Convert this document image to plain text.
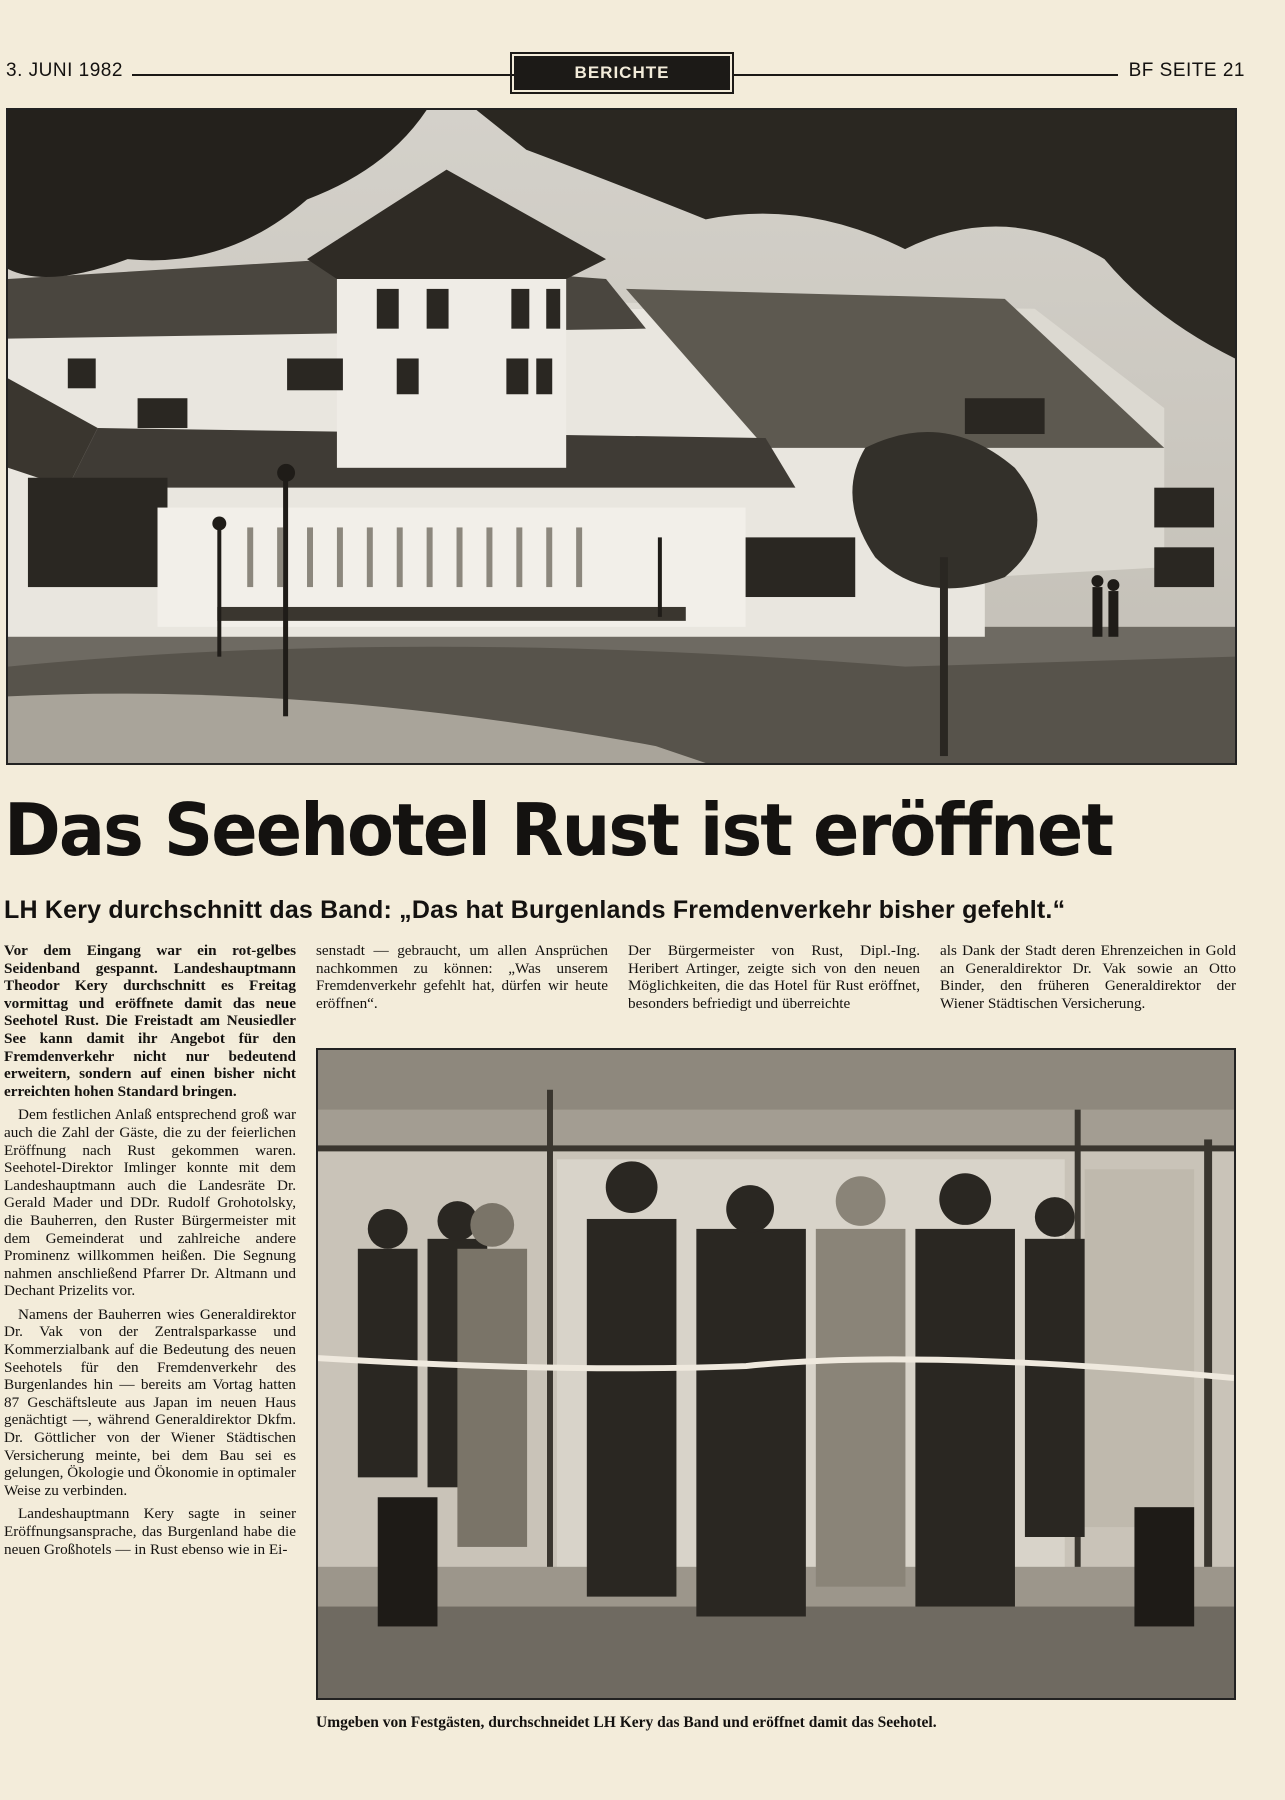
3. JUNI 1982	BERICHTE	BF SEITE 21
Das Seehotel Rust ist eröffnet
LH Kery durchschnitt das Band: „Das hat Burgenlands Fremdenverkehr bisher gefehlt.“

Vor dem Eingang war ein rot-gelbes Seidenband gespannt. Landeshauptmann Theodor Kery durchschnitt es Freitag vormittag und eröffnete damit das neue Seehotel Rust. Die Freistadt am Neusiedler See kann damit ihr Angebot für den Fremdenverkehr nicht nur bedeutend erweitern, sondern auf einen bisher nicht erreichten hohen Standard bringen.

Dem festlichen Anlaß entsprechend groß war auch die Zahl der Gäste, die zu der feierlichen Eröffnung nach Rust gekommen waren. Seehotel-Direktor Imlinger konnte mit dem Landeshauptmann auch die Landesräte Dr. Gerald Mader und DDr. Rudolf Grohotolsky, die Bauherren, den Ruster Bürgermeister mit dem Gemeinderat und zahlreiche andere Prominenz willkommen heißen. Die Segnung nahmen anschließend Pfarrer Dr. Altmann und Dechant Prizelits vor.

Namens der Bauherren wies Generaldirektor Dr. Vak von der Zentralsparkasse und Kommerzialbank auf die Bedeutung des neuen Seehotels für den Fremdenverkehr des Burgenlandes hin — bereits am Vortag hatten 87 Geschäftsleute aus Japan im neuen Haus genächtigt —, während Generaldirektor Dkfm. Dr. Göttlicher von der Wiener Städtischen Versicherung meinte, bei dem Bau sei es gelungen, Ökologie und Ökonomie in optimaler Weise zu verbinden.

Landeshauptmann Kery sagte in seiner Eröffnungsansprache, das Burgenland habe die neuen Großhotels — in Rust ebenso wie in Ei-

senstadt — gebraucht, um allen Ansprüchen nachkommen zu können: „Was unserem Fremdenverkehr gefehlt hat, dürfen wir heute eröffnen“.

Der Bürgermeister von Rust, Dipl.-Ing. Heribert Artinger, zeigte sich von den neuen Möglichkeiten, die das Hotel für Rust eröffnet, besonders befriedigt und überreichte

als Dank der Stadt deren Ehrenzeichen in Gold an Generaldirektor Dr. Vak sowie an Otto Binder, den früheren Generaldirektor der Wiener Städtischen Versicherung.

Umgeben von Festgästen, durchschneidet LH Kery das Band und eröffnet damit das Seehotel.
